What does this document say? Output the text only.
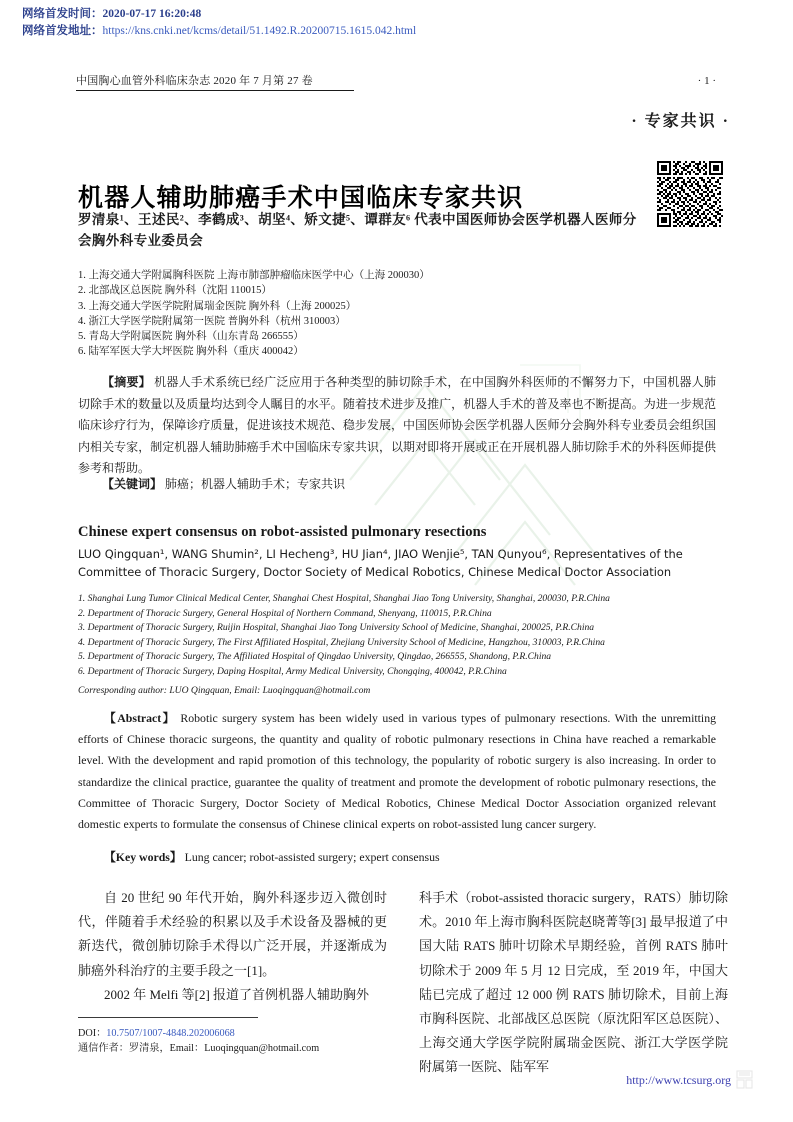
网络首发时间：2020-07-17 16:20:48
网络首发地址：https://kns.cnki.net/kcms/detail/51.1492.R.20200715.1615.042.html
中国胸心血管外科临床杂志 2020 年 7 月第 27 卷	· 1 ·
· 专家共识 ·
机器人辅助肺癌手术中国临床专家共识
罗清泉¹、王述民²、李鹤成³、胡坚⁴、矫文捷⁵、谭群友⁶ 代表中国医师协会医学机器人医师分会胸外科专业委员会
1. 上海交通大学附属胸科医院 上海市肺部肿瘤临床医学中心（上海 200030）
2. 北部战区总医院 胸外科（沈阳 110015）
3. 上海交通大学医学院附属瑞金医院 胸外科（上海 200025）
4. 浙江大学医学院附属第一医院 普胸外科（杭州 310003）
5. 青岛大学附属医院 胸外科（山东青岛 266555）
6. 陆军军医大学大坪医院 胸外科（重庆 400042）
【摘要】 机器人手术系统已经广泛应用于各种类型的肺切除手术，在中国胸外科医师的不懈努力下，中国机器人肺切除手术的数量以及质量均达到令人瞩目的水平。随着技术进步及推广，机器人手术的普及率也不断提高。为进一步规范临床诊疗行为，保障诊疗质量，促进该技术规范、稳步发展，中国医师协会医学机器人医师分会胸外科专业委员会组织国内相关专家，制定机器人辅助肺癌手术中国临床专家共识，以期对即将开展或正在开展机器人肺切除手术的外科医师提供参考和帮助。
【关键词】 肺癌；机器人辅助手术；专家共识
Chinese expert consensus on robot-assisted pulmonary resections
LUO Qingquan¹, WANG Shumin², LI Hecheng³, HU Jian⁴, JIAO Wenjie⁵, TAN Qunyou⁶, Representatives of the Committee of Thoracic Surgery, Doctor Society of Medical Robotics, Chinese Medical Doctor Association
1. Shanghai Lung Tumor Clinical Medical Center, Shanghai Chest Hospital, Shanghai Jiao Tong University, Shanghai, 200030, P.R.China
2. Department of Thoracic Surgery, General Hospital of Northern Command, Shenyang, 110015, P.R.China
3. Department of Thoracic Surgery, Ruijin Hospital, Shanghai Jiao Tong University School of Medicine, Shanghai, 200025, P.R.China
4. Department of Thoracic Surgery, The First Affiliated Hospital, Zhejiang University School of Medicine, Hangzhou, 310003, P.R.China
5. Department of Thoracic Surgery, The Affiliated Hospital of Qingdao University, Qingdao, 266555, Shandong, P.R.China
6. Department of Thoracic Surgery, Daping Hospital, Army Medical University, Chongqing, 400042, P.R.China
Corresponding author: LUO Qingquan, Email: Luoqingquan@hotmail.com
【Abstract】 Robotic surgery system has been widely used in various types of pulmonary resections. With the unremitting efforts of Chinese thoracic surgeons, the quantity and quality of robotic pulmonary resections in China have reached a remarkable level. With the development and rapid promotion of this technology, the popularity of robotic surgery is also increasing. In order to standardize the clinical practice, guarantee the quality of treatment and promote the development of robotic pulmonary resections, the Committee of Thoracic Surgery, Doctor Society of Medical Robotics, Chinese Medical Doctor Association organized relevant domestic experts to formulate the consensus of Chinese clinical experts on robot-assisted lung cancer surgery.
【Key words】 Lung cancer; robot-assisted surgery; expert consensus

自 20 世纪 90 年代开始，胸外科逐步迈入微创时代，伴随着手术经验的积累以及手术设备及器械的更新迭代，微创肺切除手术得以广泛开展，并逐渐成为肺癌外科治疗的主要手段之一[1]。

2002 年 Melfi 等[2] 报道了首例机器人辅助胸外

科手术（robot-assisted thoracic surgery，RATS）肺切除术。2010 年上海市胸科医院赵晓菁等[3] 最早报道了中国大陆 RATS 肺叶切除术早期经验，首例 RATS 肺叶切除术于 2009 年 5 月 12 日完成，至 2019 年，中国大陆已完成了超过 12 000 例 RATS 肺切除术，目前上海市胸科医院、北部战区总医院（原沈阳军区总医院）、上海交通大学医学院附属瑞金医院、浙江大学医学院附属第一医院、陆军军

DOI：10.7507/1007-4848.202006068
通信作者：罗清泉，Email：Luoqingquan@hotmail.com
http://www.tcsurg.org
